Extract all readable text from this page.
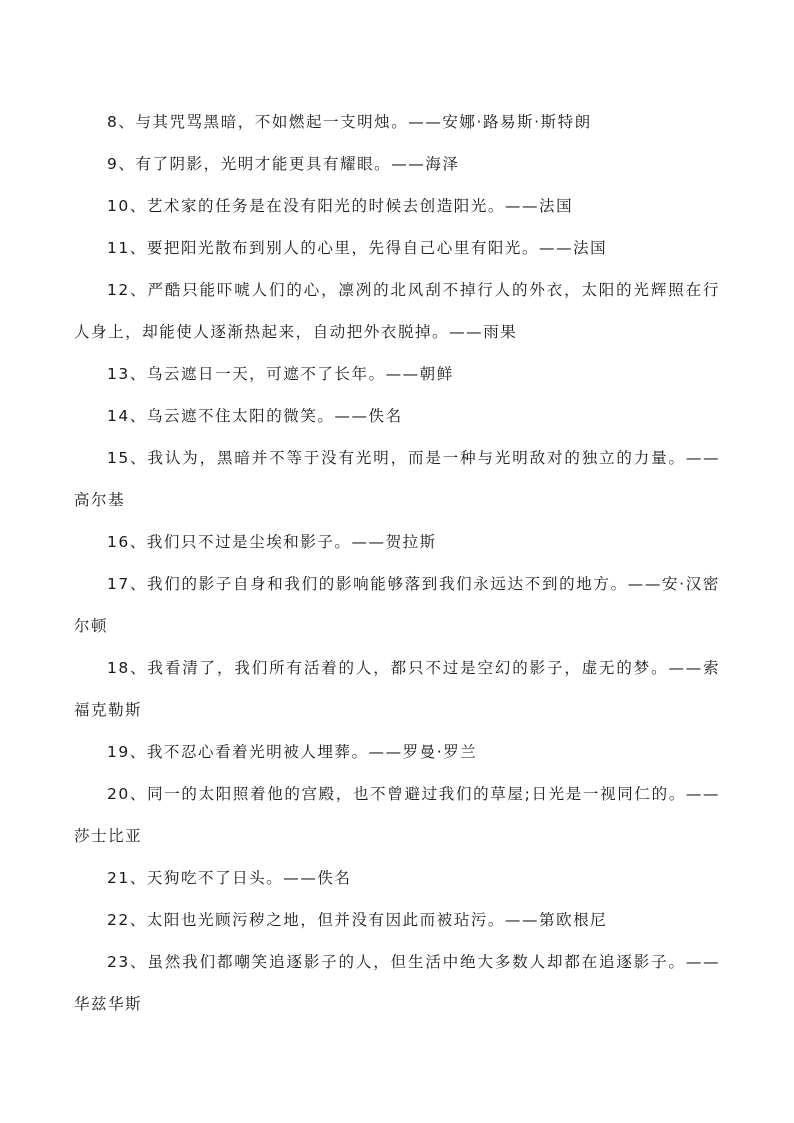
8、与其咒骂黑暗，不如燃起一支明烛。——安娜·路易斯·斯特朗

9、有了阴影，光明才能更具有耀眼。——海泽

10、艺术家的任务是在没有阳光的时候去创造阳光。——法国

11、要把阳光散布到别人的心里，先得自己心里有阳光。——法国

12、严酷只能吓唬人们的心，凛冽的北风刮不掉行人的外衣，太阳的光辉照在行人身上，却能使人逐渐热起来，自动把外衣脱掉。——雨果

13、乌云遮日一天，可遮不了长年。——朝鲜

14、乌云遮不住太阳的微笑。——佚名

15、我认为，黑暗并不等于没有光明，而是一种与光明敌对的独立的力量。——高尔基

16、我们只不过是尘埃和影子。——贺拉斯

17、我们的影子自身和我们的影响能够落到我们永远达不到的地方。——安·汉密尔顿

18、我看清了，我们所有活着的人，都只不过是空幻的影子，虚无的梦。——索福克勒斯

19、我不忍心看着光明被人埋葬。——罗曼·罗兰

20、同一的太阳照着他的宫殿，也不曾避过我们的草屋;日光是一视同仁的。——莎士比亚

21、天狗吃不了日头。——佚名

22、太阳也光顾污秽之地，但并没有因此而被玷污。——第欧根尼

23、虽然我们都嘲笑追逐影子的人，但生活中绝大多数人却都在追逐影子。——华兹华斯
